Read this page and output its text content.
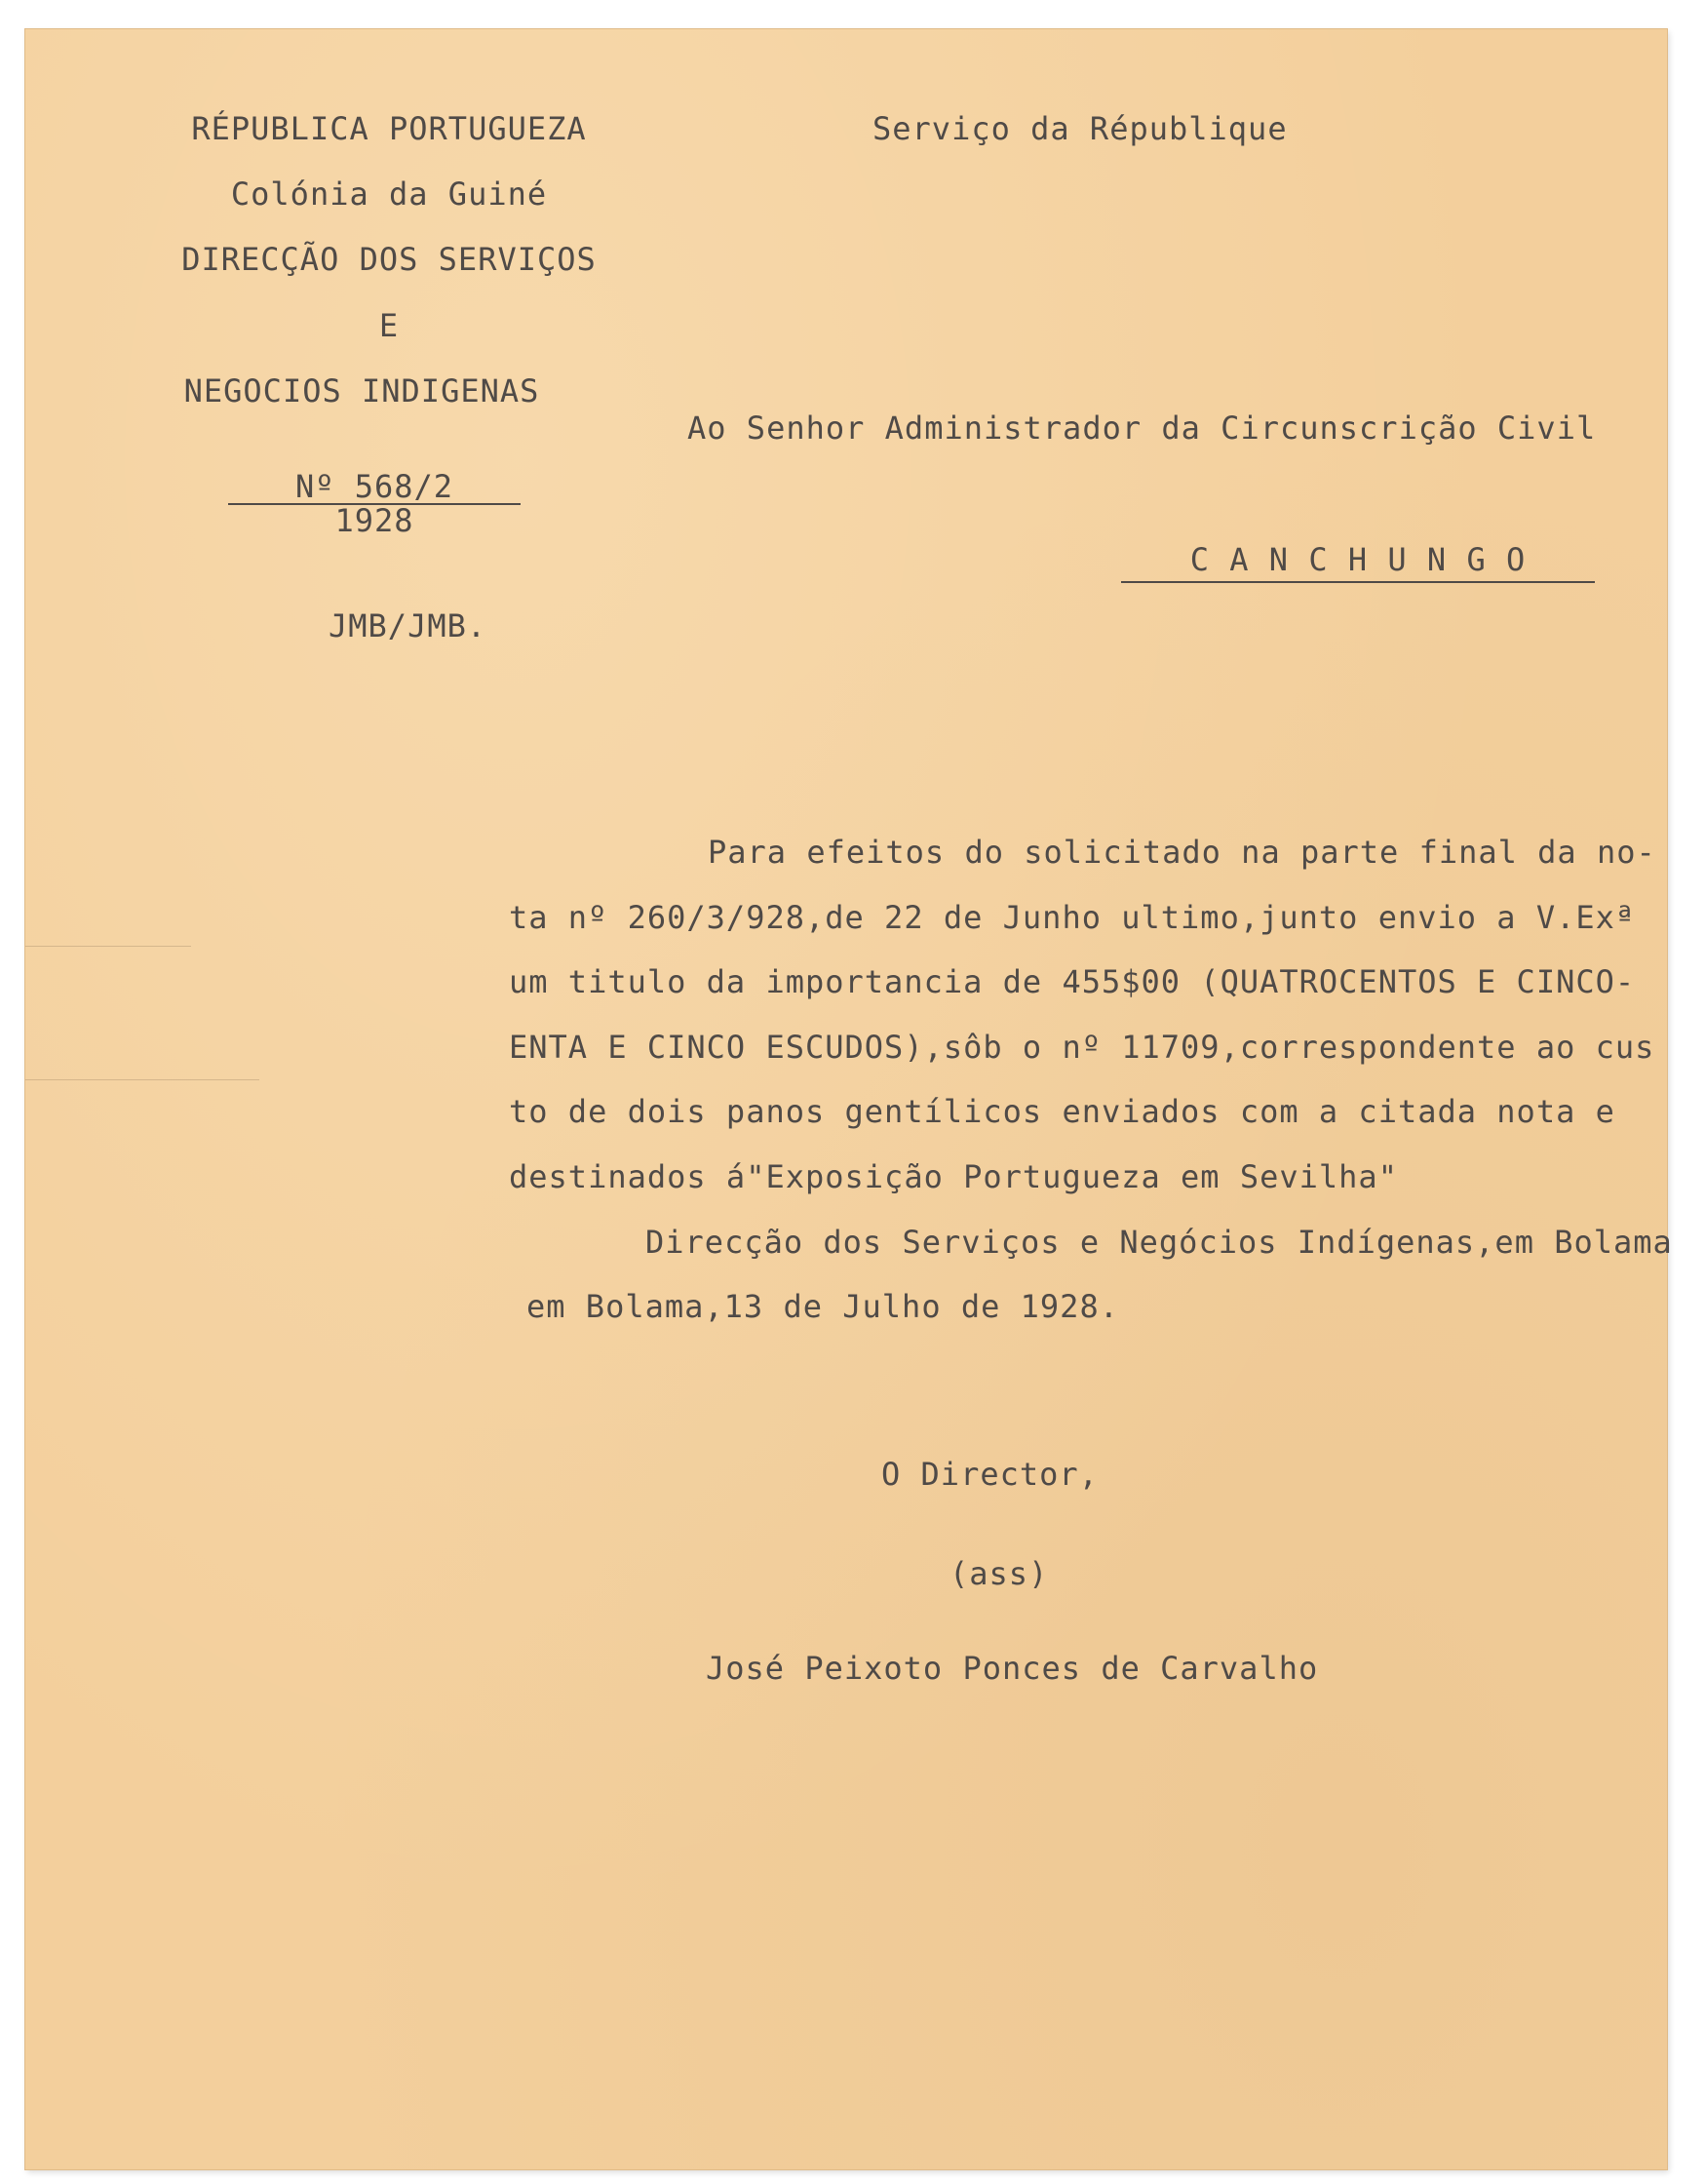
RÉPUBLICA PORTUGUEZA
Colónia da Guiné
DIRECÇÃO DOS SERVIÇOS
E
NEGOCIOS INDIGENAS
Nº 568/2
1928
JMB/JMB.
Serviço da République
Ao Senhor Administrador da Circunscrição Civil
C A N C H U N G O
Para efeitos do solicitado na parte final da no-
ta nº 260/3/928,de 22 de Junho ultimo,junto envio a V.Exª
um titulo da importancia de 455$00 (QUATROCENTOS E CINCO-
ENTA E CINCO ESCUDOS),sôb o nº 11709,correspondente ao cus
to de dois panos gentílicos enviados com a citada nota e
destinados á"Exposição Portugueza em Sevilha"
Direcção dos Serviços e Negócios Indígenas,em Bolama
em Bolama,13 de Julho de 1928.
O Director,
(ass)
José Peixoto Ponces de Carvalho
